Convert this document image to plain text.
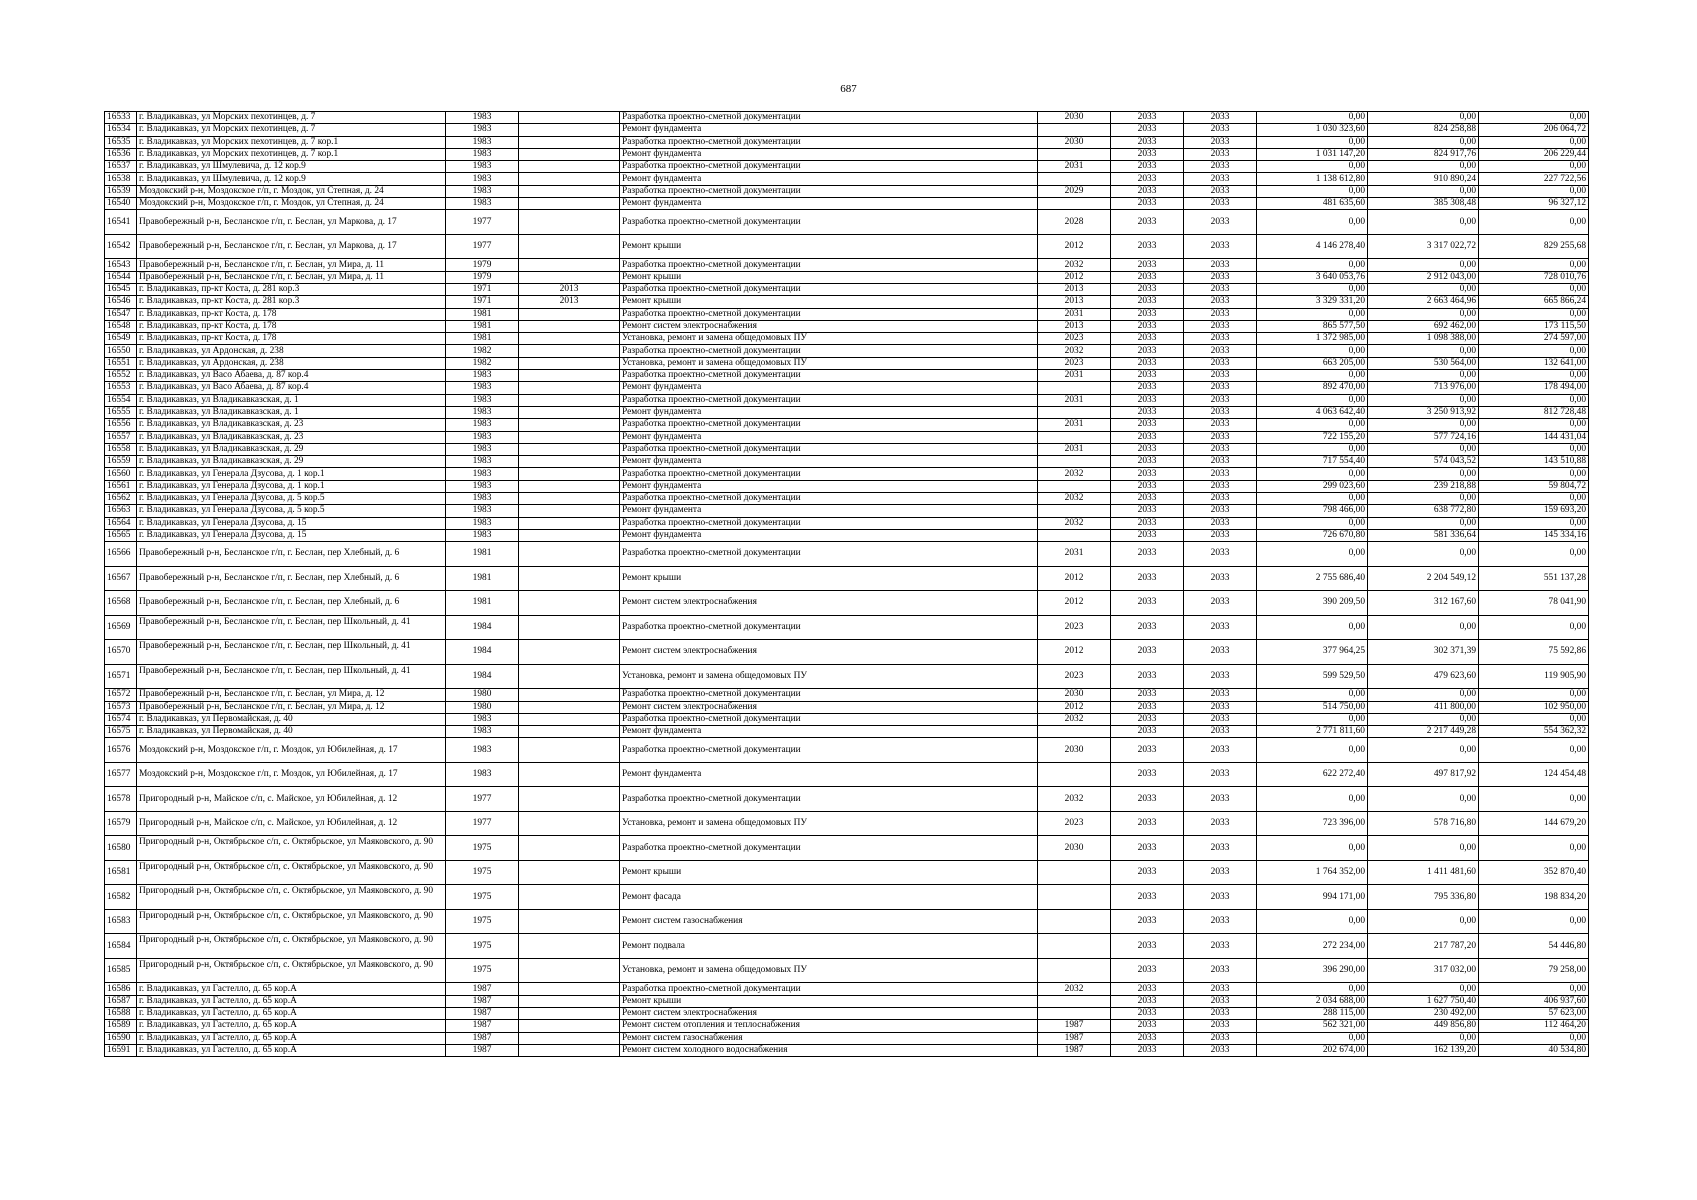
687
16533	г. Владикавказ, ул Морских пехотинцев, д. 7	1983		Разработка проектно-сметной документации	2030	2033	2033	0,00	0,00	0,00
16534	г. Владикавказ, ул Морских пехотинцев, д. 7	1983		Ремонт фундамента		2033	2033	1 030 323,60	824 258,88	206 064,72
16535	г. Владикавказ, ул Морских пехотинцев, д. 7 кор.1	1983		Разработка проектно-сметной документации	2030	2033	2033	0,00	0,00	0,00
16536	г. Владикавказ, ул Морских пехотинцев, д. 7 кор.1	1983		Ремонт фундамента		2033	2033	1 031 147,20	824 917,76	206 229,44
16537	г. Владикавказ, ул Шмулевича, д. 12 кор.9	1983		Разработка проектно-сметной документации	2031	2033	2033	0,00	0,00	0,00
16538	г. Владикавказ, ул Шмулевича, д. 12 кор.9	1983		Ремонт фундамента		2033	2033	1 138 612,80	910 890,24	227 722,56
16539	Моздокский р-н, Моздокское г/п, г. Моздок, ул Степная, д. 24	1983		Разработка проектно-сметной документации	2029	2033	2033	0,00	0,00	0,00
16540	Моздокский р-н, Моздокское г/п, г. Моздок, ул Степная, д. 24	1983		Ремонт фундамента		2033	2033	481 635,60	385 308,48	96 327,12
16541	Правобережный р-н, Бесланское г/п, г. Беслан, ул Маркова, д. 17	1977		Разработка проектно-сметной документации	2028	2033	2033	0,00	0,00	0,00
16542	Правобережный р-н, Бесланское г/п, г. Беслан, ул Маркова, д. 17	1977		Ремонт крыши	2012	2033	2033	4 146 278,40	3 317 022,72	829 255,68
16543	Правобережный р-н, Бесланское г/п, г. Беслан, ул Мира, д. 11	1979		Разработка проектно-сметной документации	2032	2033	2033	0,00	0,00	0,00
16544	Правобережный р-н, Бесланское г/п, г. Беслан, ул Мира, д. 11	1979		Ремонт крыши	2012	2033	2033	3 640 053,76	2 912 043,00	728 010,76
16545	г. Владикавказ, пр-кт Коста, д. 281 кор.3	1971	2013	Разработка проектно-сметной документации	2013	2033	2033	0,00	0,00	0,00
16546	г. Владикавказ, пр-кт Коста, д. 281 кор.3	1971	2013	Ремонт крыши	2013	2033	2033	3 329 331,20	2 663 464,96	665 866,24
16547	г. Владикавказ, пр-кт Коста, д. 178	1981		Разработка проектно-сметной документации	2031	2033	2033	0,00	0,00	0,00
16548	г. Владикавказ, пр-кт Коста, д. 178	1981		Ремонт систем электроснабжения	2013	2033	2033	865 577,50	692 462,00	173 115,50
16549	г. Владикавказ, пр-кт Коста, д. 178	1981		Установка, ремонт и замена общедомовых ПУ	2023	2033	2033	1 372 985,00	1 098 388,00	274 597,00
16550	г. Владикавказ, ул Ардонская, д. 238	1982		Разработка проектно-сметной документации	2032	2033	2033	0,00	0,00	0,00
16551	г. Владикавказ, ул Ардонская, д. 238	1982		Установка, ремонт и замена общедомовых ПУ	2023	2033	2033	663 205,00	530 564,00	132 641,00
16552	г. Владикавказ, ул Васо Абаева, д. 87 кор.4	1983		Разработка проектно-сметной документации	2031	2033	2033	0,00	0,00	0,00
16553	г. Владикавказ, ул Васо Абаева, д. 87 кор.4	1983		Ремонт фундамента		2033	2033	892 470,00	713 976,00	178 494,00
16554	г. Владикавказ, ул Владикавказская, д. 1	1983		Разработка проектно-сметной документации	2031	2033	2033	0,00	0,00	0,00
16555	г. Владикавказ, ул Владикавказская, д. 1	1983		Ремонт фундамента		2033	2033	4 063 642,40	3 250 913,92	812 728,48
16556	г. Владикавказ, ул Владикавказская, д. 23	1983		Разработка проектно-сметной документации	2031	2033	2033	0,00	0,00	0,00
16557	г. Владикавказ, ул Владикавказская, д. 23	1983		Ремонт фундамента		2033	2033	722 155,20	577 724,16	144 431,04
16558	г. Владикавказ, ул Владикавказская, д. 29	1983		Разработка проектно-сметной документации	2031	2033	2033	0,00	0,00	0,00
16559	г. Владикавказ, ул Владикавказская, д. 29	1983		Ремонт фундамента		2033	2033	717 554,40	574 043,52	143 510,88
16560	г. Владикавказ, ул Генерала Дзусова, д. 1 кор.1	1983		Разработка проектно-сметной документации	2032	2033	2033	0,00	0,00	0,00
16561	г. Владикавказ, ул Генерала Дзусова, д. 1 кор.1	1983		Ремонт фундамента		2033	2033	299 023,60	239 218,88	59 804,72
16562	г. Владикавказ, ул Генерала Дзусова, д. 5 кор.5	1983		Разработка проектно-сметной документации	2032	2033	2033	0,00	0,00	0,00
16563	г. Владикавказ, ул Генерала Дзусова, д. 5 кор.5	1983		Ремонт фундамента		2033	2033	798 466,00	638 772,80	159 693,20
16564	г. Владикавказ, ул Генерала Дзусова, д. 15	1983		Разработка проектно-сметной документации	2032	2033	2033	0,00	0,00	0,00
16565	г. Владикавказ, ул Генерала Дзусова, д. 15	1983		Ремонт фундамента		2033	2033	726 670,80	581 336,64	145 334,16
16566	Правобережный р-н, Бесланское г/п, г. Беслан, пер Хлебный, д. 6	1981		Разработка проектно-сметной документации	2031	2033	2033	0,00	0,00	0,00
16567	Правобережный р-н, Бесланское г/п, г. Беслан, пер Хлебный, д. 6	1981		Ремонт крыши	2012	2033	2033	2 755 686,40	2 204 549,12	551 137,28
16568	Правобережный р-н, Бесланское г/п, г. Беслан, пер Хлебный, д. 6	1981		Ремонт систем электроснабжения	2012	2033	2033	390 209,50	312 167,60	78 041,90
16569	Правобережный р-н, Бесланское г/п, г. Беслан, пер Школьный, д. 41	1984		Разработка проектно-сметной документации	2023	2033	2033	0,00	0,00	0,00
16570	Правобережный р-н, Бесланское г/п, г. Беслан, пер Школьный, д. 41	1984		Ремонт систем электроснабжения	2012	2033	2033	377 964,25	302 371,39	75 592,86
16571	Правобережный р-н, Бесланское г/п, г. Беслан, пер Школьный, д. 41	1984		Установка, ремонт и замена общедомовых ПУ	2023	2033	2033	599 529,50	479 623,60	119 905,90
16572	Правобережный р-н, Бесланское г/п, г. Беслан, ул Мира, д. 12	1980		Разработка проектно-сметной документации	2030	2033	2033	0,00	0,00	0,00
16573	Правобережный р-н, Бесланское г/п, г. Беслан, ул Мира, д. 12	1980		Ремонт систем электроснабжения	2012	2033	2033	514 750,00	411 800,00	102 950,00
16574	г. Владикавказ, ул Первомайская, д. 40	1983		Разработка проектно-сметной документации	2032	2033	2033	0,00	0,00	0,00
16575	г. Владикавказ, ул Первомайская, д. 40	1983		Ремонт фундамента		2033	2033	2 771 811,60	2 217 449,28	554 362,32
16576	Моздокский р-н, Моздокское г/п, г. Моздок, ул Юбилейная, д. 17	1983		Разработка проектно-сметной документации	2030	2033	2033	0,00	0,00	0,00
16577	Моздокский р-н, Моздокское г/п, г. Моздок, ул Юбилейная, д. 17	1983		Ремонт фундамента		2033	2033	622 272,40	497 817,92	124 454,48
16578	Пригородный р-н, Майское с/п, с. Майское, ул Юбилейная, д. 12	1977		Разработка проектно-сметной документации	2032	2033	2033	0,00	0,00	0,00
16579	Пригородный р-н, Майское с/п, с. Майское, ул Юбилейная, д. 12	1977		Установка, ремонт и замена общедомовых ПУ	2023	2033	2033	723 396,00	578 716,80	144 679,20
16580	Пригородный р-н, Октябрьское с/п, с. Октябрьское, ул Маяковского, д. 90	1975		Разработка проектно-сметной документации	2030	2033	2033	0,00	0,00	0,00
16581	Пригородный р-н, Октябрьское с/п, с. Октябрьское, ул Маяковского, д. 90	1975		Ремонт крыши		2033	2033	1 764 352,00	1 411 481,60	352 870,40
16582	Пригородный р-н, Октябрьское с/п, с. Октябрьское, ул Маяковского, д. 90	1975		Ремонт фасада		2033	2033	994 171,00	795 336,80	198 834,20
16583	Пригородный р-н, Октябрьское с/п, с. Октябрьское, ул Маяковского, д. 90	1975		Ремонт систем газоснабжения		2033	2033	0,00	0,00	0,00
16584	Пригородный р-н, Октябрьское с/п, с. Октябрьское, ул Маяковского, д. 90	1975		Ремонт подвала		2033	2033	272 234,00	217 787,20	54 446,80
16585	Пригородный р-н, Октябрьское с/п, с. Октябрьское, ул Маяковского, д. 90	1975		Установка, ремонт и замена общедомовых ПУ		2033	2033	396 290,00	317 032,00	79 258,00
16586	г. Владикавказ, ул Гастелло, д. 65 кор.А	1987		Разработка проектно-сметной документации	2032	2033	2033	0,00	0,00	0,00
16587	г. Владикавказ, ул Гастелло, д. 65 кор.А	1987		Ремонт крыши		2033	2033	2 034 688,00	1 627 750,40	406 937,60
16588	г. Владикавказ, ул Гастелло, д. 65 кор.А	1987		Ремонт систем электроснабжения		2033	2033	288 115,00	230 492,00	57 623,00
16589	г. Владикавказ, ул Гастелло, д. 65 кор.А	1987		Ремонт систем отопления и теплоснабжения	1987	2033	2033	562 321,00	449 856,80	112 464,20
16590	г. Владикавказ, ул Гастелло, д. 65 кор.А	1987		Ремонт систем газоснабжения	1987	2033	2033	0,00	0,00	0,00
16591	г. Владикавказ, ул Гастелло, д. 65 кор.А	1987		Ремонт систем холодного водоснабжения	1987	2033	2033	202 674,00	162 139,20	40 534,80
